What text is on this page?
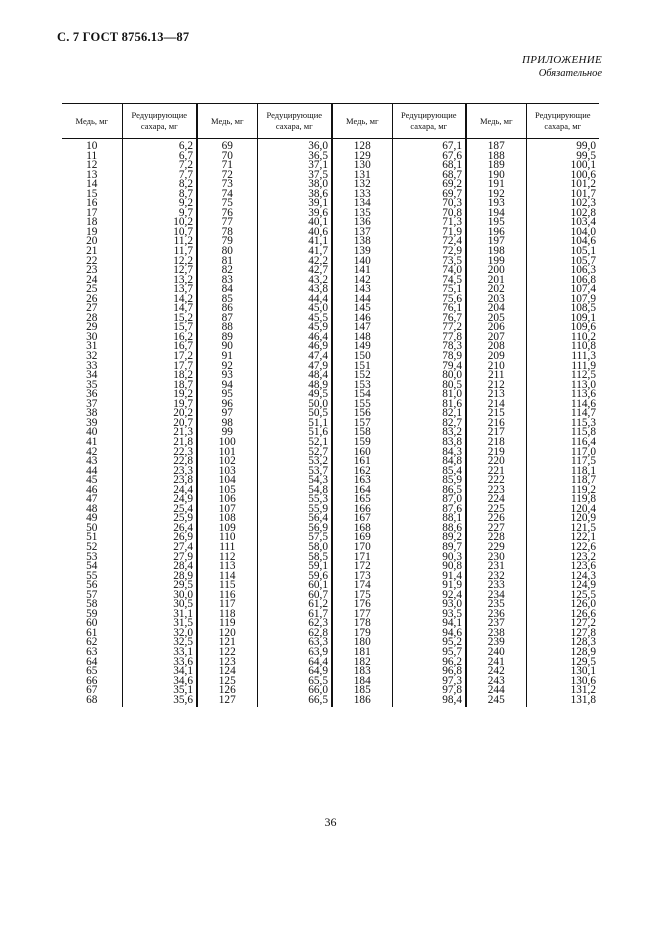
С. 7 ГОСТ 8756.13—87
ПРИЛОЖЕНИЕ
Обязательное
Медь, мг	Редуцирующие сахара, мг	Медь, мг	Редуцирующие сахара, мг	Медь, мг	Редуцирующие сахара, мг	Медь, мг	Редуцирующие сахара, мг
10	6,2	69	36,0	128	67,1	187	99,0
11	6,7	70	36,5	129	67,6	188	99,5
12	7,2	71	37,1	130	68,1	189	100,1
13	7,7	72	37,5	131	68,7	190	100,6
14	8,2	73	38,0	132	69,2	191	101,2
15	8,7	74	38,6	133	69,7	192	101,7
16	9,2	75	39,1	134	70,3	193	102,3
17	9,7	76	39,6	135	70,8	194	102,8
18	10,2	77	40,1	136	71,3	195	103,4
19	10,7	78	40,6	137	71,9	196	104,0
20	11,2	79	41,1	138	72,4	197	104,6
21	11,7	80	41,7	139	72,9	198	105,1
22	12,2	81	42,2	140	73,5	199	105,7
23	12,7	82	42,7	141	74,0	200	106,3
24	13,2	83	43,2	142	74,5	201	106,8
25	13,7	84	43,8	143	75,1	202	107,4
26	14,2	85	44,4	144	75,6	203	107,9
27	14,7	86	45,0	145	76,1	204	108,5
28	15,2	87	45,5	146	76,7	205	109,1
29	15,7	88	45,9	147	77,2	206	109,6
30	16,2	89	46,4	148	77,8	207	110,2
31	16,7	90	46,9	149	78,3	208	110,8
32	17,2	91	47,4	150	78,9	209	111,3
33	17,7	92	47,9	151	79,4	210	111,9
34	18,2	93	48,4	152	80,0	211	112,5
35	18,7	94	48,9	153	80,5	212	113,0
36	19,2	95	49,5	154	81,0	213	113,6
37	19,7	96	50,0	155	81,6	214	114,6
38	20,2	97	50,5	156	82,1	215	114,7
39	20,7	98	51,1	157	82,7	216	115,3
40	21,3	99	51,6	158	83,2	217	115,8
41	21,8	100	52,1	159	83,8	218	116,4
42	22,3	101	52,7	160	84,3	219	117,0
43	22,8	102	53,2	161	84,8	220	117,5
44	23,3	103	53,7	162	85,4	221	118,1
45	23,8	104	54,3	163	85,9	222	118,7
46	24,4	105	54,8	164	86,5	223	119,2
47	24,9	106	55,3	165	87,0	224	119,8
48	25,4	107	55,9	166	87,6	225	120,4
49	25,9	108	56,4	167	88,1	226	120,9
50	26,4	109	56,9	168	88,6	227	121,5
51	26,9	110	57,5	169	89,2	228	122,1
52	27,4	111	58,0	170	89,7	229	122,6
53	27,9	112	58,5	171	90,3	230	123,2
54	28,4	113	59,1	172	90,8	231	123,6
55	28,9	114	59,6	173	91,4	232	124,3
56	29,5	115	60,1	174	91,9	233	124,9
57	30,0	116	60,7	175	92,4	234	125,5
58	30,5	117	61,2	176	93,0	235	126,0
59	31,1	118	61,7	177	93,5	236	126,6
60	31,5	119	62,3	178	94,1	237	127,2
61	32,0	120	62,8	179	94,6	238	127,8
62	32,5	121	63,3	180	95,2	239	128,3
63	33,1	122	63,9	181	95,7	240	128,9
64	33,6	123	64,4	182	96,2	241	129,5
65	34,1	124	64,9	183	96,8	242	130,1
66	34,6	125	65,5	184	97,3	243	130,6
67	35,1	126	66,0	185	97,8	244	131,2
68	35,6	127	66,5	186	98,4	245	131,8
36
